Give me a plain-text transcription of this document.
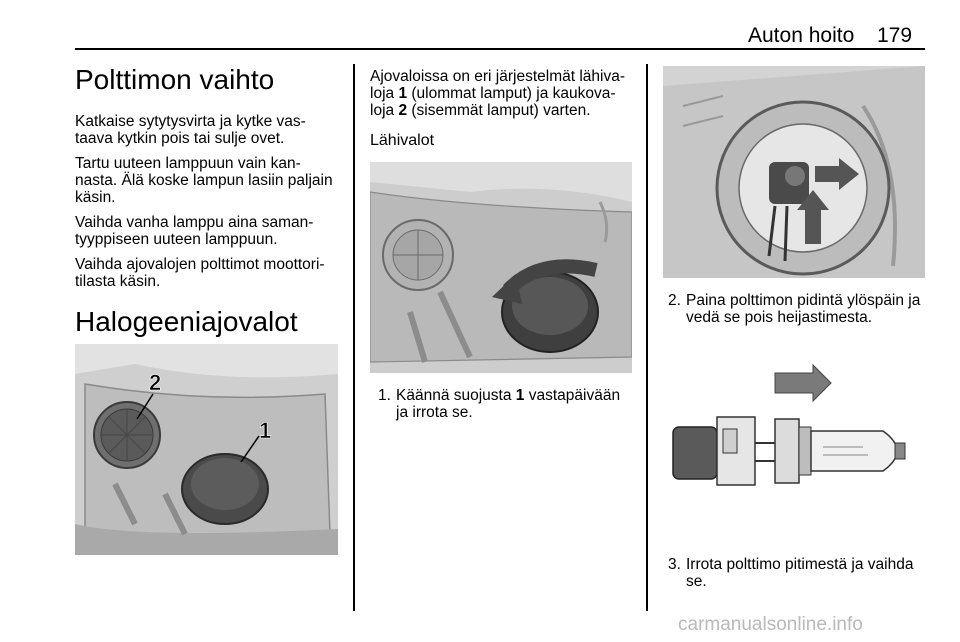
Auton hoito 179
Polttimon vaihto
Katkaise sytytysvirta ja kytke vas-
taava kytkin pois tai sulje ovet.
Tartu uuteen lamppuun vain kan-
nasta. Älä koske lampun lasiin paljain
käsin.
Vaihda vanha lamppu aina saman-
tyyppiseen uuteen lamppuun.
Vaihda ajovalojen polttimot moottori-
tilasta käsin.
Halogeeniajovalot
2
1
Ajovaloissa on eri järjestelmät lähiva-
loja 1 (ulommat lamput) ja kaukova-
loja 2 (sisemmät lamput) varten.
Lähivalot
1. Käännä suojusta 1 vastapäivään
ja irrota se.
2. Paina polttimon pidintä ylöspäin ja
vedä se pois heijastimesta.
3. Irrota polttimo pitimestä ja vaihda
se.
carmanualsonline.info
